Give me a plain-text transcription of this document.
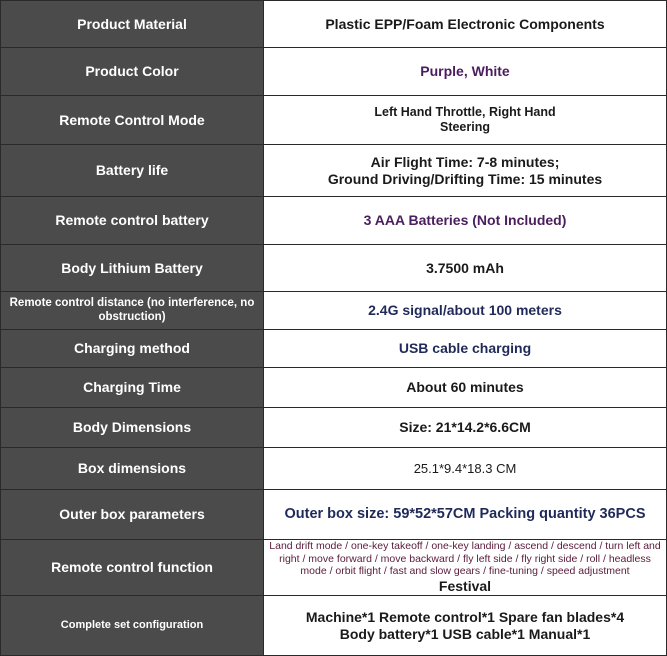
Product Material	Plastic EPP/Foam Electronic Components
Product Color	Purple, White
Remote Control Mode	Left Hand Throttle, Right Hand
Steering

Battery life	Air Flight Time: 7-8 minutes;
Ground Driving/Drifting Time: 15 minutes

Remote control battery	3 AAA Batteries (Not Included)
Body Lithium Battery	3.7500 mAh
Remote control distance (no interference, no obstruction)	2.4G signal/about 100 meters
Charging method	USB cable charging
Charging Time	About 60 minutes
Body Dimensions	Size: 21*14.2*6.6CM
Box dimensions	25.1*9.4*18.3 CM
Outer box parameters	Outer box size: 59*52*57CM Packing quantity 36PCS
Remote control function	Land drift mode / one-key takeoff / one-key landing / ascend / descend / turn left and right / move forward / move backward / fly left side / fly right side / roll / headless mode / orbit flight / fast and slow gears / fine-tuning / speed adjustment
Festival

Complete set configuration	Machine*1 Remote control*1 Spare fan blades*4
Body battery*1 USB cable*1 Manual*1
